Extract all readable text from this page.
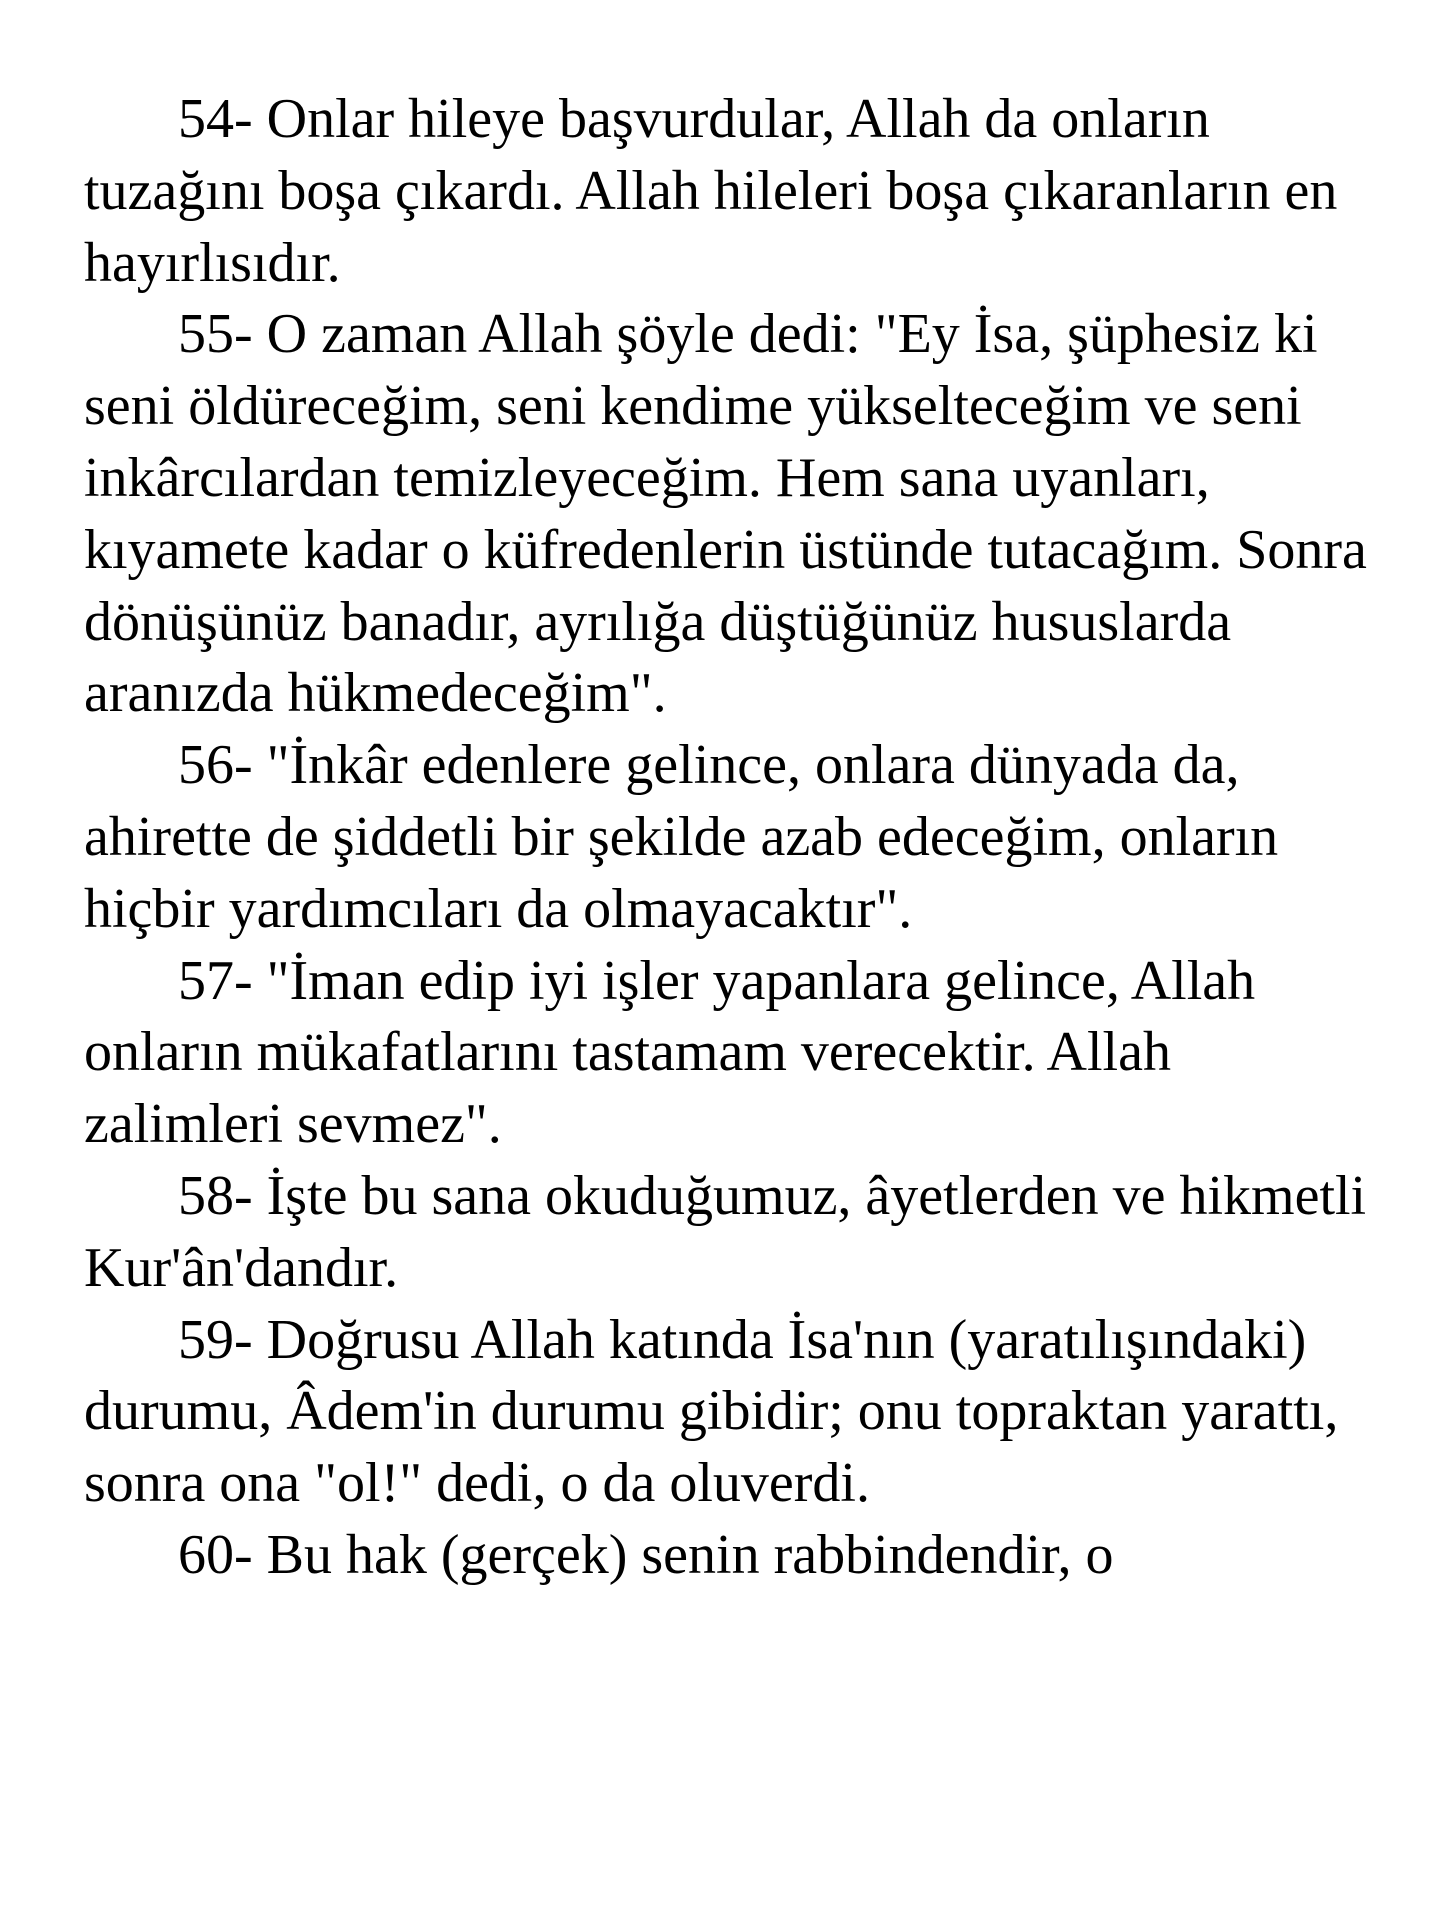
54- Onlar hileye başvurdular, Allah da onların tuzağını boşa çıkardı. Allah hileleri boşa çıkaranların en hayırlısıdır.

55- O zaman Allah şöyle dedi: "Ey İsa, şüphesiz ki seni öldüreceğim, seni kendime yükselteceğim ve seni inkârcılardan temizleyeceğim. Hem sana uyanları, kıyamete kadar o küfredenlerin üstünde tutacağım. Sonra dönüşünüz banadır, ayrılığa düştüğünüz hususlarda aranızda hükmedeceğim".

56- "İnkâr edenlere gelince, onlara dünyada da, ahirette de şiddetli bir şekilde azab edeceğim, onların hiçbir yardımcıları da olmayacaktır".

57- "İman edip iyi işler yapanlara gelince, Allah onların mükafatlarını tastamam verecektir. Allah zalimleri sevmez".

58- İşte bu sana okuduğumuz, âyetlerden ve hikmetli Kur'ân'dandır.

59- Doğrusu Allah katında İsa'nın (yaratılışındaki) durumu, Âdem'in durumu gibidir; onu topraktan yarattı, sonra ona "ol!" dedi, o da oluverdi.

60- Bu hak (gerçek) senin rabbindendir, o
